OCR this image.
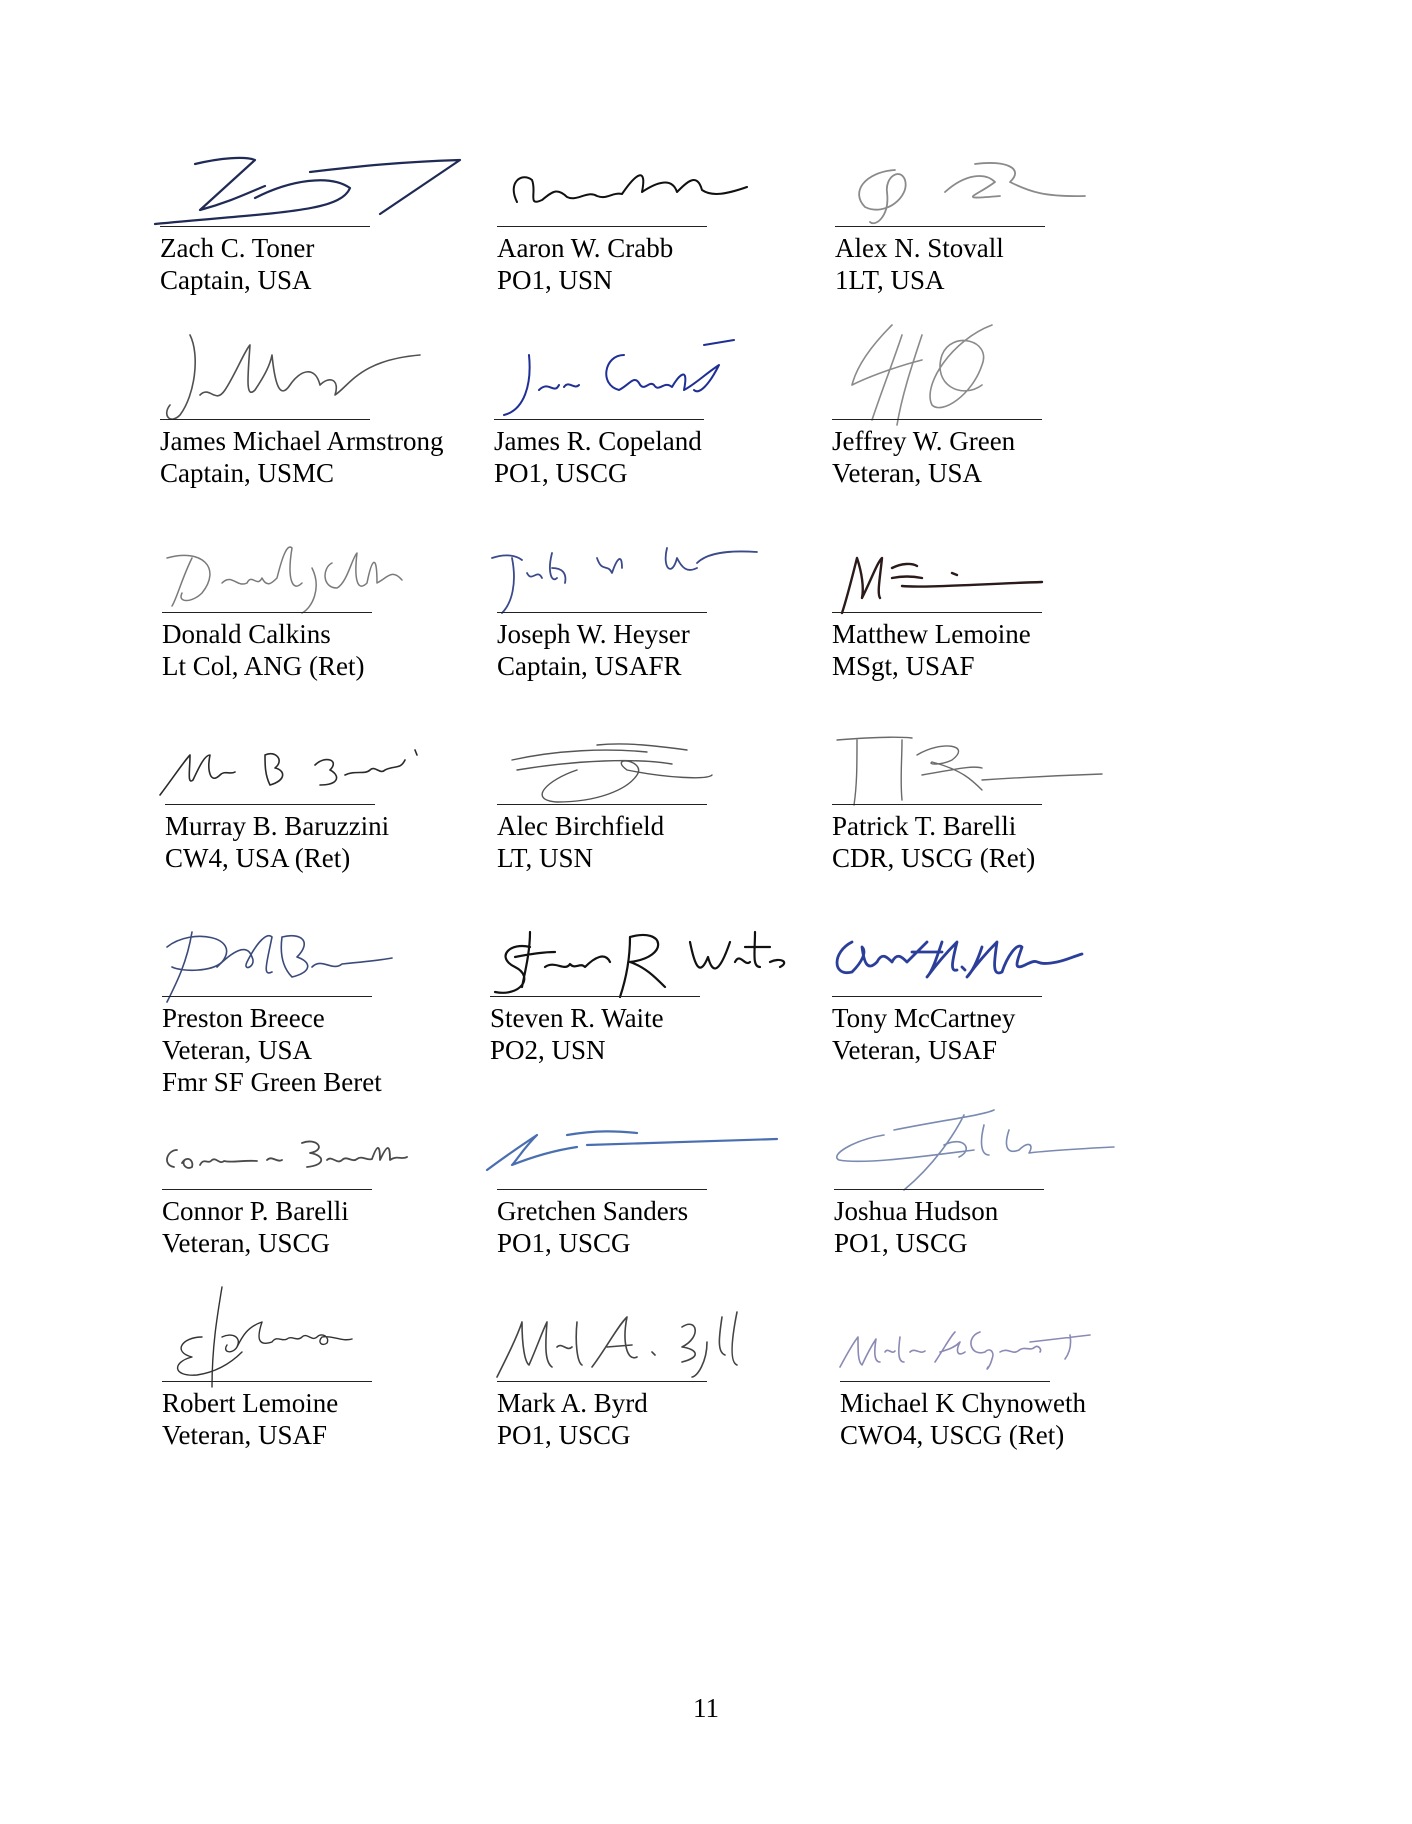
Zach C. Toner
Captain, USA
Aaron W. Crabb
PO1, USN
Alex N. Stovall
1LT, USA
James Michael Armstrong
Captain, USMC
James R. Copeland
PO1, USCG
Jeffrey W. Green
Veteran, USA
Donald Calkins
Lt Col, ANG (Ret)
Joseph W. Heyser
Captain, USAFR
Matthew Lemoine
MSgt, USAF
Murray B. Baruzzini
CW4, USA (Ret)
Alec Birchfield
LT, USN
Patrick T. Barelli
CDR, USCG (Ret)
Preston Breece
Veteran, USA
Fmr SF Green Beret
Steven R. Waite
PO2, USN
Tony McCartney
Veteran, USAF
Connor P. Barelli
Veteran, USCG
Gretchen Sanders
PO1, USCG
Joshua Hudson
PO1, USCG
Robert Lemoine
Veteran, USAF
Mark A. Byrd
PO1, USCG
Michael K Chynoweth
CWO4, USCG (Ret)
11
